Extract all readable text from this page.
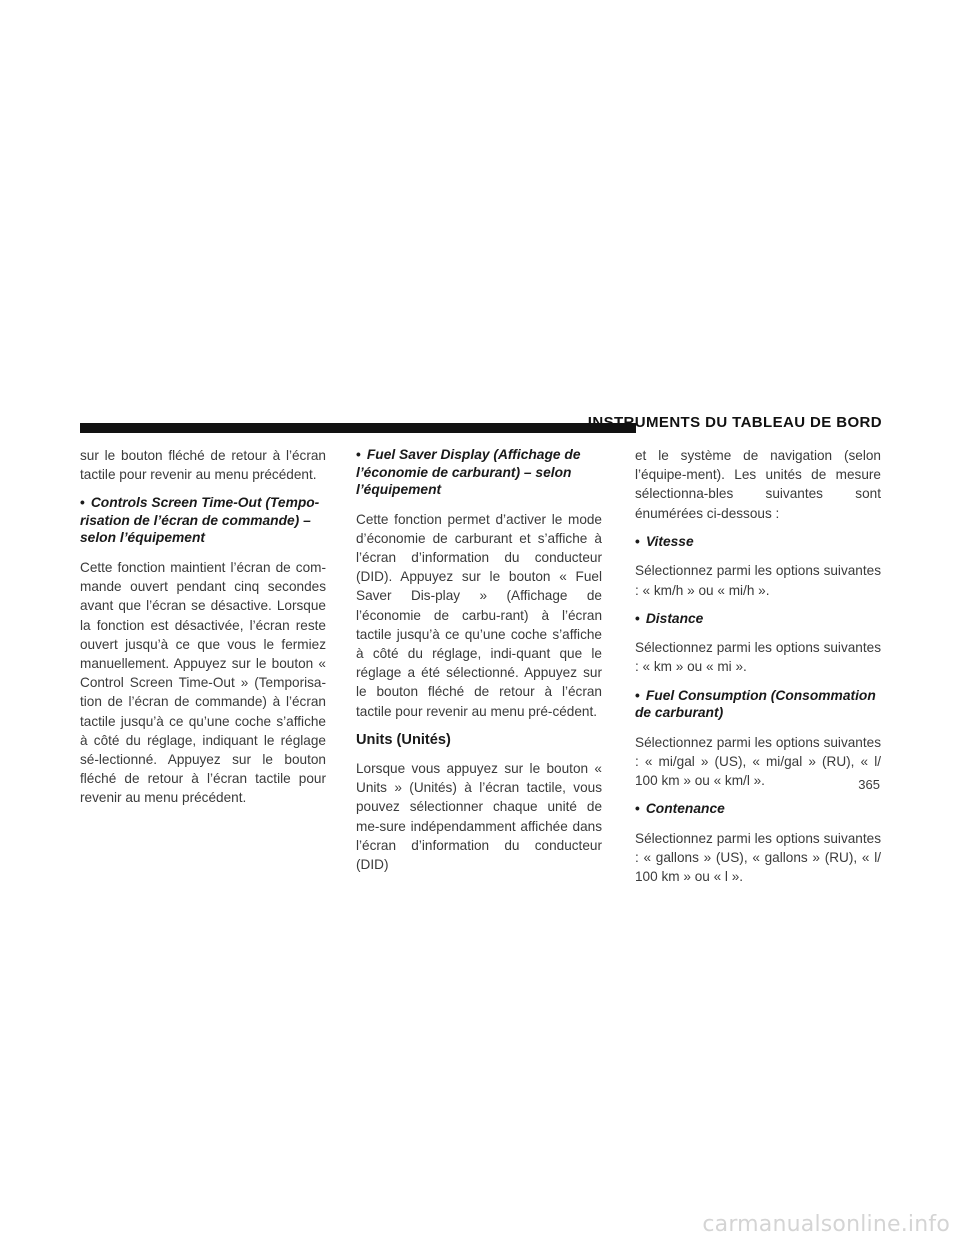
INSTRUMENTS DU TABLEAU DE BORD

sur le bouton fléché de retour à l’écran tactile pour revenir au menu précédent.

• Controls Screen Time-Out (Tempo-risation de l’écran de commande) – selon l’équipement

Cette fonction maintient l’écran de com-mande ouvert pendant cinq secondes avant que l’écran se désactive. Lorsque la fonction est désactivée, l’écran reste ouvert jusqu’à ce que vous le fermiez manuellement. Appuyez sur le bouton « Control Screen Time-Out » (Temporisa-tion de l’écran de commande) à l’écran tactile jusqu’à ce qu’une coche s’affiche à côté du réglage, indiquant le réglage sé-lectionné. Appuyez sur le bouton fléché de retour à l’écran tactile pour revenir au menu précédent.

• Fuel Saver Display (Affichage de l’économie de carburant) – selon l’équipement

Cette fonction permet d’activer le mode d’économie de carburant et s’affiche à l’écran d’information du conducteur (DID). Appuyez sur le bouton « Fuel Saver Dis-play » (Affichage de l’économie de carbu-rant) à l’écran tactile jusqu’à ce qu’une coche s’affiche à côté du réglage, indi-quant que le réglage a été sélectionné. Appuyez sur le bouton fléché de retour à l’écran tactile pour revenir au menu pré-cédent.

Units (Unités)

Lorsque vous appuyez sur le bouton « Units » (Unités) à l’écran tactile, vous pouvez sélectionner chaque unité de me-sure indépendamment affichée dans l’écran d’information du conducteur (DID)

et le système de navigation (selon l’équipe-ment). Les unités de mesure sélectionna-bles suivantes sont énumérées ci-dessous :

• Vitesse

Sélectionnez parmi les options suivantes : « km/h » ou « mi/h ».

• Distance

Sélectionnez parmi les options suivantes : « km » ou « mi ».

• Fuel Consumption (Consommation de carburant)

Sélectionnez parmi les options suivantes : « mi/gal » (US), « mi/gal » (RU), « l/ 100 km » ou « km/l ».

• Contenance

Sélectionnez parmi les options suivantes : « gallons » (US), « gallons » (RU), « l/ 100 km » ou « l ».

365
carmanualsonline.info
